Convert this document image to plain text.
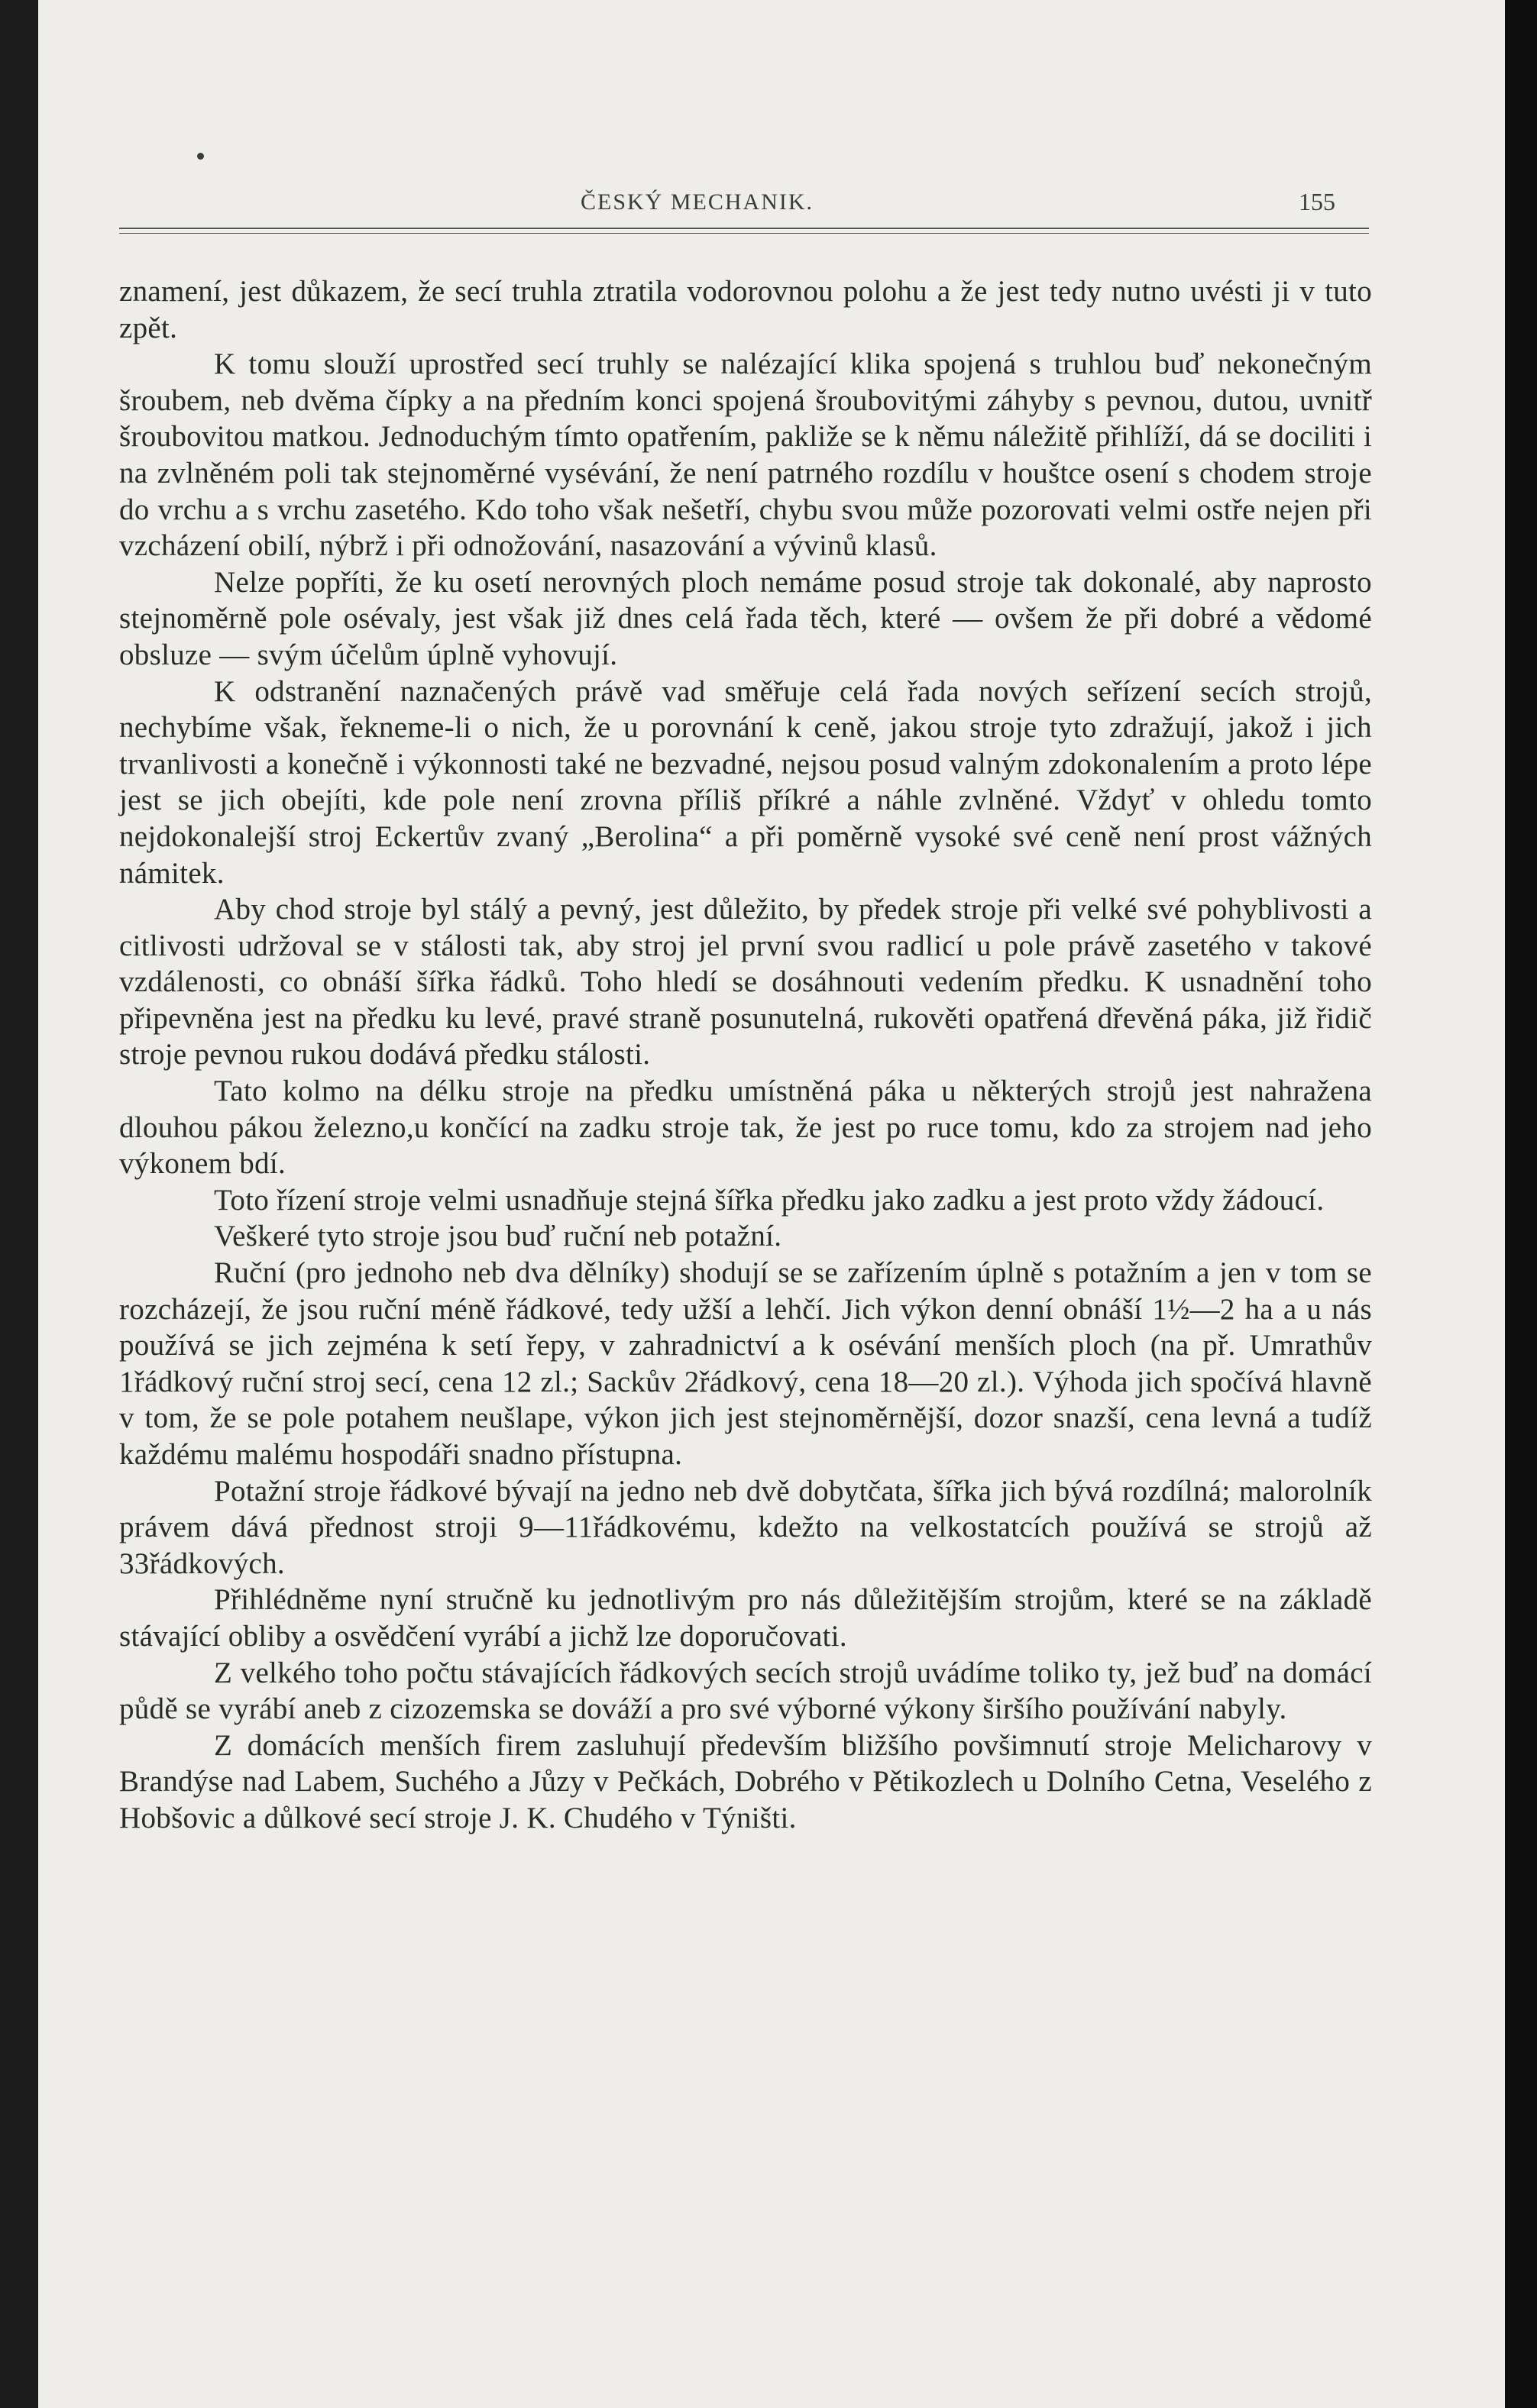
ČESKÝ MECHANIK.	155

znamení, jest důkazem, že secí truhla ztratila vodorovnou polohu a že jest tedy nutno uvésti ji v tuto zpět.

K tomu slouží uprostřed secí truhly se nalézající klika spojená s truhlou buď nekonečným šroubem, neb dvěma čípky a na předním konci spojená šroubovitými záhyby s pevnou, dutou, uvnitř šroubovitou matkou. Jednoduchým tímto opatřením, pakliže se k němu náležitě přihlíží, dá se dociliti i na zvlněném poli tak stejnoměrné vysévání, že není patrného rozdílu v houštce osení s chodem stroje do vrchu a s vrchu zasetého. Kdo toho však nešetří, chybu svou může pozorovati velmi ostře nejen při vzcházení obilí, nýbrž i při odnožování, nasazování a vývinů klasů.

Nelze popříti, že ku osetí nerovných ploch nemáme posud stroje tak dokonalé, aby naprosto stejnoměrně pole osévaly, jest však již dnes celá řada těch, které — ovšem že při dobré a vědomé obsluze — svým účelům úplně vyhovují.

K odstranění naznačených právě vad směřuje celá řada nových seřízení secích strojů, nechybíme však, řekneme-li o nich, že u porovnání k ceně, jakou stroje tyto zdražují, jakož i jich trvanlivosti a konečně i výkonnosti také ne bezvadné, nejsou posud valným zdokonalením a proto lépe jest se jich obejíti, kde pole není zrovna příliš příkré a náhle zvlněné. Vždyť v ohledu tomto nejdokonalejší stroj Eckertův zvaný „Berolina“ a při poměrně vysoké své ceně není prost vážných námitek.

Aby chod stroje byl stálý a pevný, jest důležito, by předek stroje při velké své pohyblivosti a citlivosti udržoval se v stálosti tak, aby stroj jel první svou radlicí u pole právě zasetého v takové vzdálenosti, co obnáší šířka řádků. Toho hledí se dosáhnouti vedením předku. K usnadnění toho připevněna jest na předku ku levé, pravé straně posunutelná, rukověti opatřená dřevěná páka, již řidič stroje pevnou rukou dodává předku stálosti.

Tato kolmo na délku stroje na předku umístněná páka u některých strojů jest nahražena dlouhou pákou železno,u končící na zadku stroje tak, že jest po ruce tomu, kdo za strojem nad jeho výkonem bdí.

Toto řízení stroje velmi usnadňuje stejná šířka předku jako zadku a jest proto vždy žádoucí.

Veškeré tyto stroje jsou buď ruční neb potažní.

Ruční (pro jednoho neb dva dělníky) shodují se se zařízením úplně s potažním a jen v tom se rozcházejí, že jsou ruční méně řádkové, tedy užší a lehčí. Jich výkon denní obnáší 1½—2 ha a u nás používá se jich zejména k setí řepy, v zahradnictví a k osévání menších ploch (na př. Umrathův 1řádkový ruční stroj secí, cena 12 zl.; Sackův 2řádkový, cena 18—20 zl.). Výhoda jich spočívá hlavně v tom, že se pole potahem neušlape, výkon jich jest stejnoměrnější, dozor snazší, cena levná a tudíž každému malému hospodáři snadno přístupna.

Potažní stroje řádkové bývají na jedno neb dvě dobytčata, šířka jich bývá rozdílná; malorolník právem dává přednost stroji 9—11řádkovému, kdežto na velkostatcích používá se strojů až 33řádkových.

Přihlédněme nyní stručně ku jednotlivým pro nás důležitějším strojům, které se na základě stávající obliby a osvědčení vyrábí a jichž lze doporučovati.

Z velkého toho počtu stávajících řádkových secích strojů uvádíme toliko ty, jež buď na domácí půdě se vyrábí aneb z cizozemska se dováží a pro své výborné výkony širšího používání nabyly.

Z domácích menších firem zasluhují především bližšího povšimnutí stroje Melicharovy v Brandýse nad Labem, Suchého a Jůzy v Pečkách, Dobrého v Pětikozlech u Dolního Cetna, Veselého z Hobšovic a důlkové secí stroje J. K. Chudého v Týništi.
